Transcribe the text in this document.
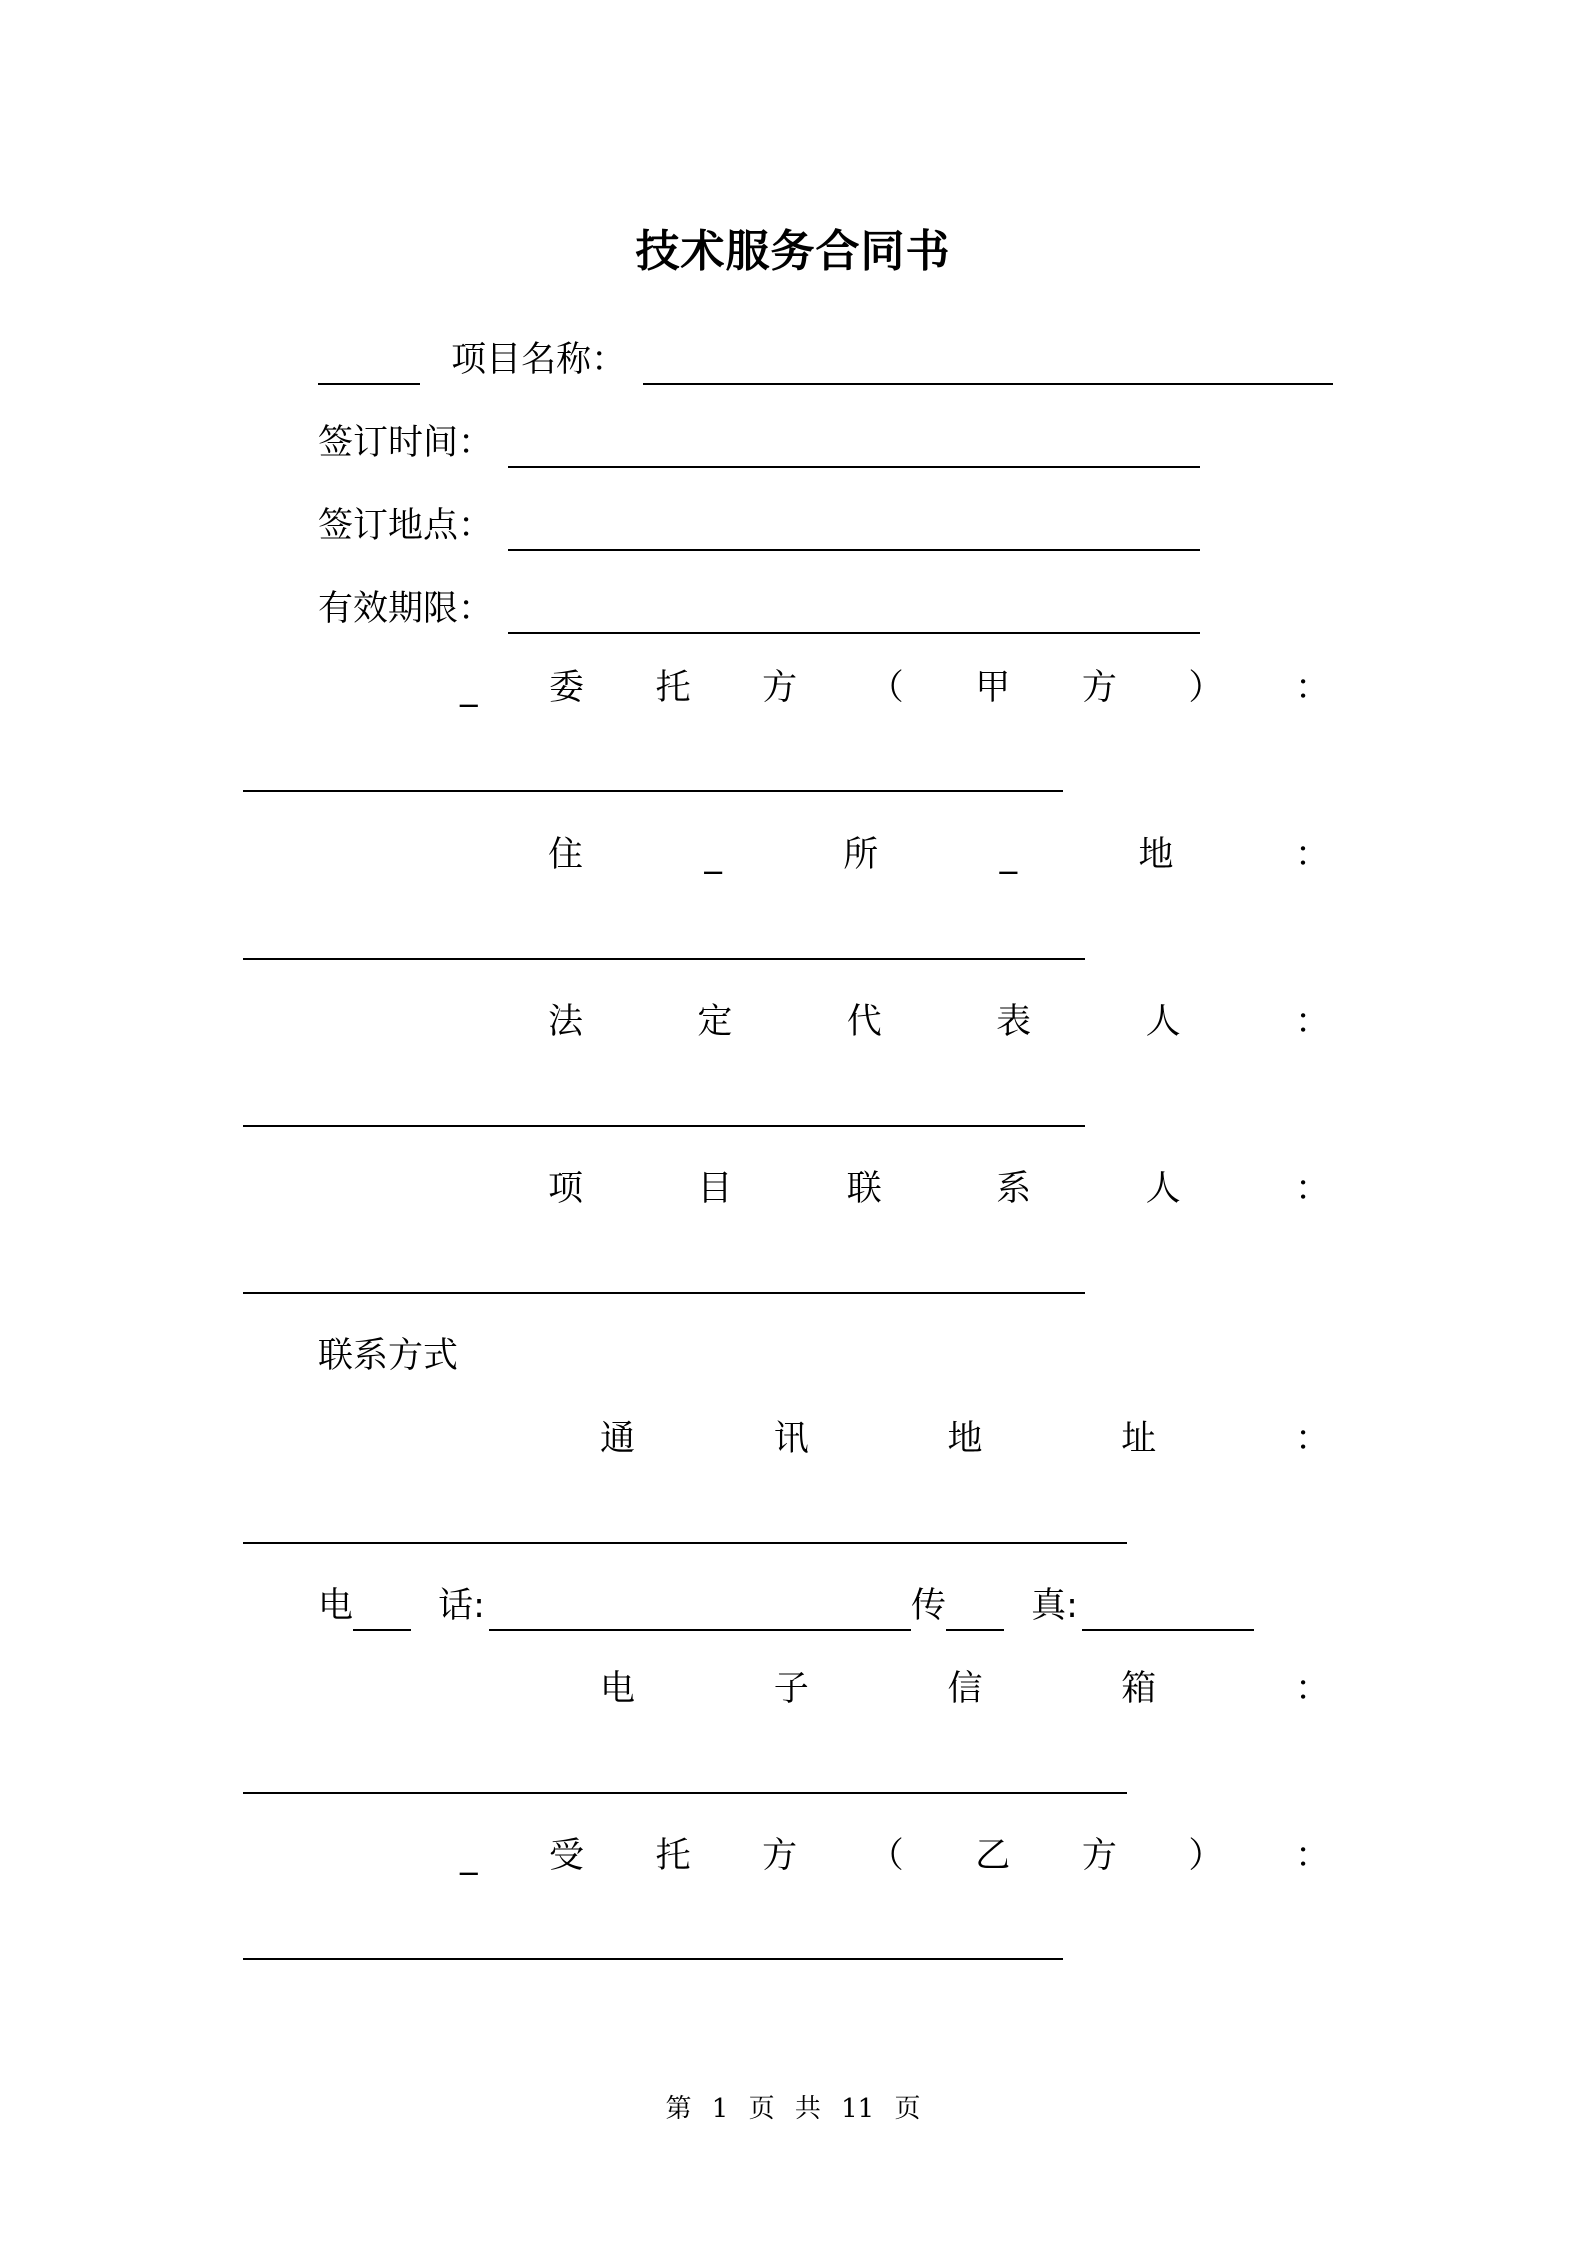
技术服务合同书
项目名称：
签订时间：
签订地点：
有效期限：
_ 委 托 方 （ 甲 方 ） ：
住	_	所	_	地	：
法	定	代	表	人	：
项	目	联	系	人	：
联系方式
通	讯	地	址	：
电 话:	传 真:
电	子	信	箱	：
_ 受 托 方 （ 乙 方 ） ：
第 1 页 共 11 页
